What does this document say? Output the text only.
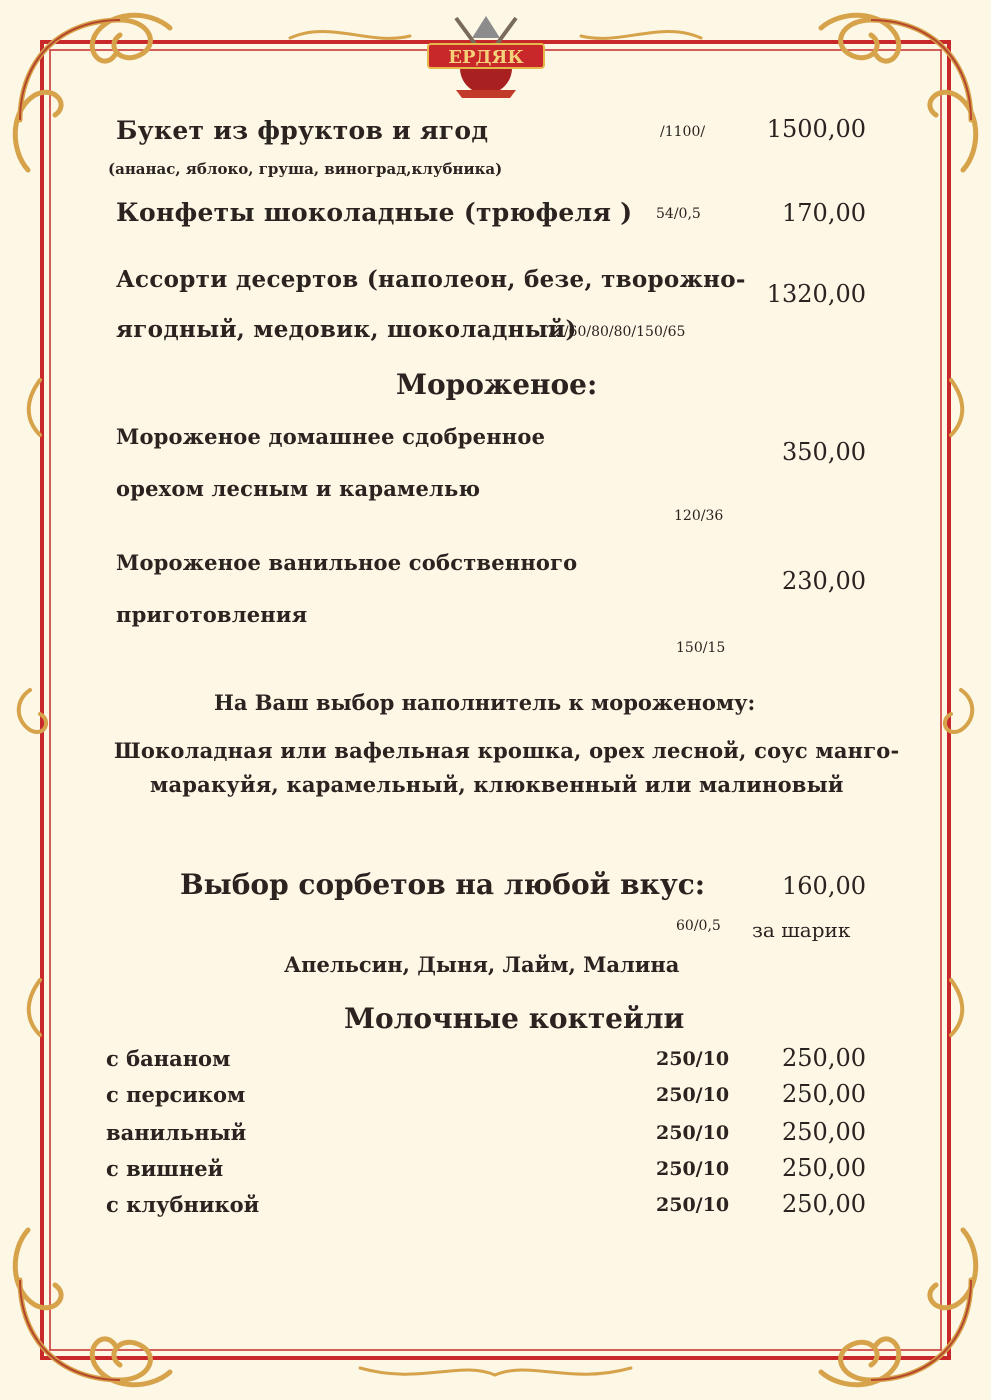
ЕРДЯК
Букет из фруктов и ягод	/1100/	1500,00
(ананас, яблоко, груша, виноград,клубника)
Конфеты шоколадные (трюфеля ) 54/0,5	170,00
Ассорти десертов (наполеон, безе, творожно-
ягодный, медовик, шоколадный)
72/60/80/80/150/65
1320,00
Мороженое:
Мороженое домашнее сдобренное
орехом лесным и карамелью
120/36
350,00
Мороженое ванильное собственного
приготовления
150/15
230,00
На Ваш выбор наполнитель к мороженому:
Шоколадная или вафельная крошка, орех лесной, соус манго-
маракуйя, карамельный, клюквенный или малиновый
Выбор сорбетов на любой вкус:	160,00
60/0,5 за шарик
Апельсин, Дыня, Лайм, Малина
Молочные коктейли
с бананом	250/10	250,00
с персиком	250/10	250,00
ванильный	250/10	250,00
с вишней	250/10	250,00
с клубникой	250/10	250,00
